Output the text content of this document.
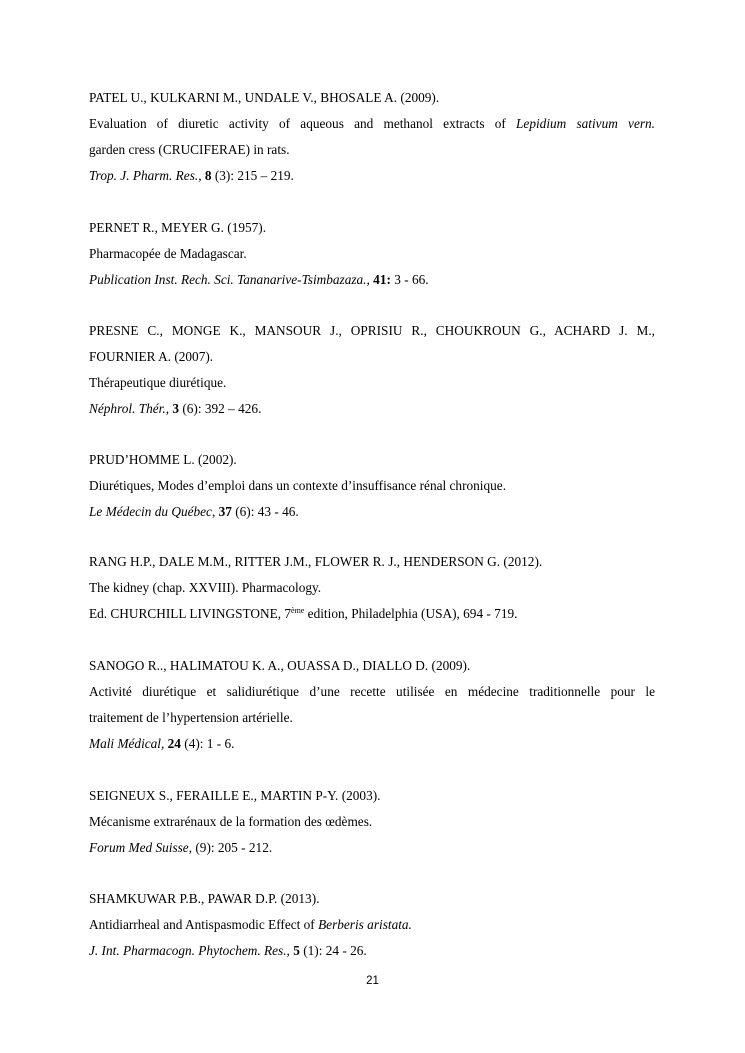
PATEL U., KULKARNI M., UNDALE V., BHOSALE A. (2009).
Evaluation of diuretic activity of aqueous and methanol extracts of Lepidium sativum vern.
garden cress (CRUCIFERAE) in rats.
Trop. J. Pharm. Res., 8 (3): 215 – 219.
PERNET R., MEYER G. (1957).
Pharmacopée de Madagascar.
Publication Inst. Rech. Sci. Tananarive-Tsimbazaza., 41: 3 - 66.
PRESNE C., MONGE K., MANSOUR J., OPRISIU R., CHOUKROUN G., ACHARD J. M.,
FOURNIER A. (2007).
Thérapeutique diurétique.
Néphrol. Thér., 3 (6): 392 – 426.
PRUD’HOMME L. (2002).
Diurétiques, Modes d’emploi dans un contexte d’insuffisance rénal chronique.
Le Médecin du Québec, 37 (6): 43 - 46.
RANG H.P., DALE M.M., RITTER J.M., FLOWER R. J., HENDERSON G. (2012).
The kidney (chap. XXVIII). Pharmacology.
Ed. CHURCHILL LIVINGSTONE, 7ème edition, Philadelphia (USA), 694 - 719.
SANOGO R.., HALIMATOU K. A., OUASSA D., DIALLO D. (2009).
Activité diurétique et salidiurétique d’une recette utilisée en médecine traditionnelle pour le
traitement de l’hypertension artérielle.
Mali Médical, 24 (4): 1 - 6.
SEIGNEUX S., FERAILLE E., MARTIN P-Y. (2003).
Mécanisme extrarénaux de la formation des œdèmes.
Forum Med Suisse, (9): 205 - 212.
SHAMKUWAR P.B., PAWAR D.P. (2013).
Antidiarrheal and Antispasmodic Effect of Berberis aristata.
J. Int. Pharmacogn. Phytochem. Res., 5 (1): 24 - 26.
21
